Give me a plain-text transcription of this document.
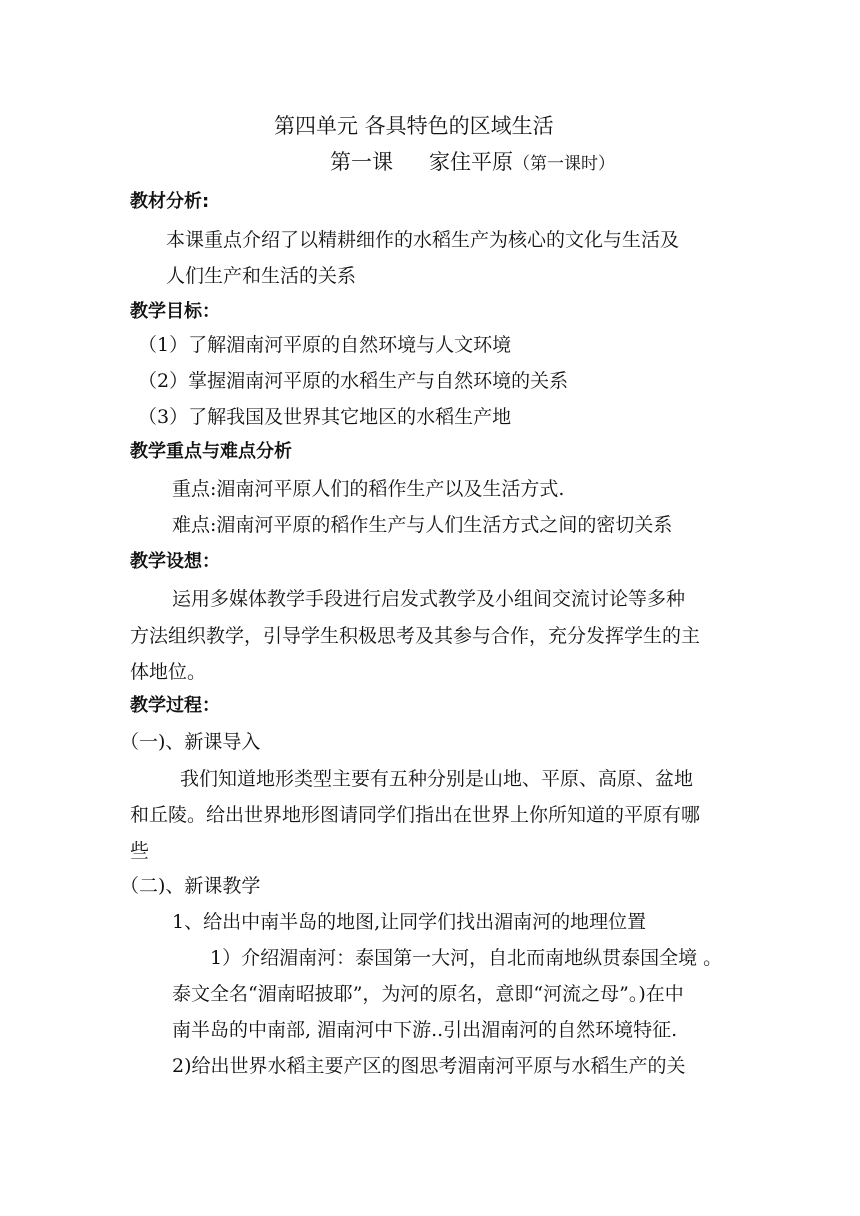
第四单元 各具特色的区域生活
第一课 家住平原（第一课时）
教材分析:
本课重点介绍了以精耕细作的水稻生产为核心的文化与生活及
人们生产和生活的关系
教学目标：
（1）了解湄南河平原的自然环境与人文环境
（2）掌握湄南河平原的水稻生产与自然环境的关系
（3）了解我国及世界其它地区的水稻生产地
教学重点与难点分析
重点:湄南河平原人们的稻作生产以及生活方式.
难点:湄南河平原的稻作生产与人们生活方式之间的密切关系
教学设想：
运用多媒体教学手段进行启发式教学及小组间交流讨论等多种
方法组织教学，引导学生积极思考及其参与合作，充分发挥学生的主
体地位。
教学过程：
（一)、新课导入
我们知道地形类型主要有五种分别是山地、平原、高原、盆地
和丘陵。给出世界地形图请同学们指出在世界上你所知道的平原有哪
些
（二)、新课教学
1、给出中南半岛的地图,让同学们找出湄南河的地理位置
1）介绍湄南河：泰国第一大河，自北而南地纵贯泰国全境 。
泰文全名“湄南昭披耶”，为河的原名，意即“河流之母”。)在中
南半岛的中南部, 湄南河中下游..引出湄南河的自然环境特征.
2)给出世界水稻主要产区的图思考湄南河平原与水稻生产的关
